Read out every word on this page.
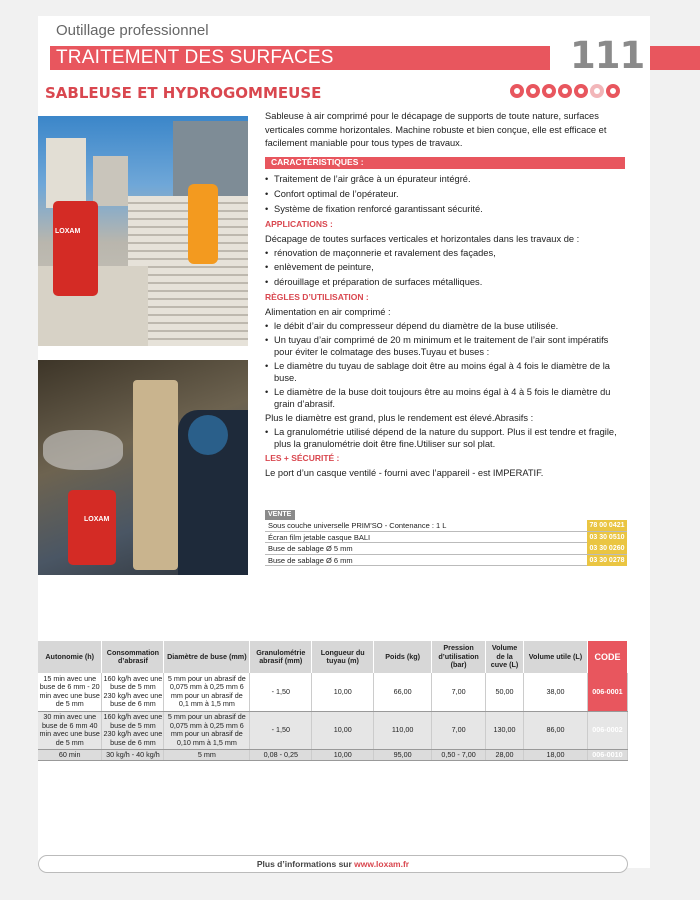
Outillage professionnel
TRAITEMENT DES SURFACES	111
SABLEUSE ET HYDROGOMMEUSE
LOXAM
LOXAM
Sableuse à air comprimé pour le décapage de supports de toute nature, surfaces verticales comme horizontales. Machine robuste et bien conçue, elle est efficace et facilement maniable pour tous types de travaux.
CARACTÉRISTIQUES :
• Traitement de l’air grâce à un épurateur intégré.
• Confort optimal de l’opérateur.
• Système de fixation renforcé garantissant sécurité.
APPLICATIONS :
Décapage de toutes surfaces verticales et horizontales dans les travaux de :
• rénovation de maçonnerie et ravalement des façades,
• enlèvement de peinture,
• dérouillage et préparation de surfaces métalliques.
RÈGLES D’UTILISATION :
Alimentation en air comprimé :
• le débit d’air du compresseur dépend du diamètre de la buse utilisée.
• Un tuyau d’air comprimé de 20 m minimum et le traitement de l’air sont impératifs pour éviter le colmatage des buses.Tuyau et buses :
• Le diamètre du tuyau de sablage doit être au moins égal à 4 fois le diamètre de la buse.
• Le diamètre de la buse doit toujours être au moins égal à 4 à 5 fois le diamètre du grain d’abrasif.
Plus le diamètre est grand, plus le rendement est élevé.Abrasifs :
• La granulométrie utilisé dépend de la nature du support. Plus il est tendre et fragile, plus la granulométrie doit être fine.Utiliser sur sol plat.
LES + SÉCURITÉ :
Le port d’un casque ventilé - fourni avec l’appareil - est IMPERATIF.
VENTE
Sous couche universelle PRIM’SO - Contenance : 1 L	78 00 0421
Écran film jetable casque BALI	03 30 0510
Buse de sablage Ø 5 mm	03 30 0260
Buse de sablage Ø 6 mm	03 30 0278
Autonomie (h)	Consommation d’abrasif	Diamètre de buse (mm)	Granulométrie abrasif (mm)	Longueur du tuyau (m)	Poids (kg)	Pression d’utilisation (bar)	Volume de la cuve (L)	Volume utile (L)	CODE
15 min avec une buse de 6 mm - 20 min avec une buse de 5 mm	160 kg/h avec une buse de 5 mm 230 kg/h avec une buse de 6 mm	5 mm pour un abrasif de 0,075 mm à 0,25 mm 6 mm pour un abrasif de 0,1 mm à 1,5 mm	- 1,50	10,00	66,00	7,00	50,00	38,00	006-0001
30 min avec une buse de 6 mm 40 min avec une buse de 5 mm	160 kg/h avec une buse de 5 mm 230 kg/h avec une buse de 6 mm	5 mm pour un abrasif de 0,075 mm à 0,25 mm 6 mm pour un abrasif de 0,10 mm à 1,5 mm	- 1,50	10,00	110,00	7,00	130,00	86,00	006-0002
60 min	30 kg/h - 40 kg/h	5 mm	0,08 - 0,25	10,00	95,00	0,50 - 7,00	28,00	18,00	006-0010
Plus d’informations sur www.loxam.fr
